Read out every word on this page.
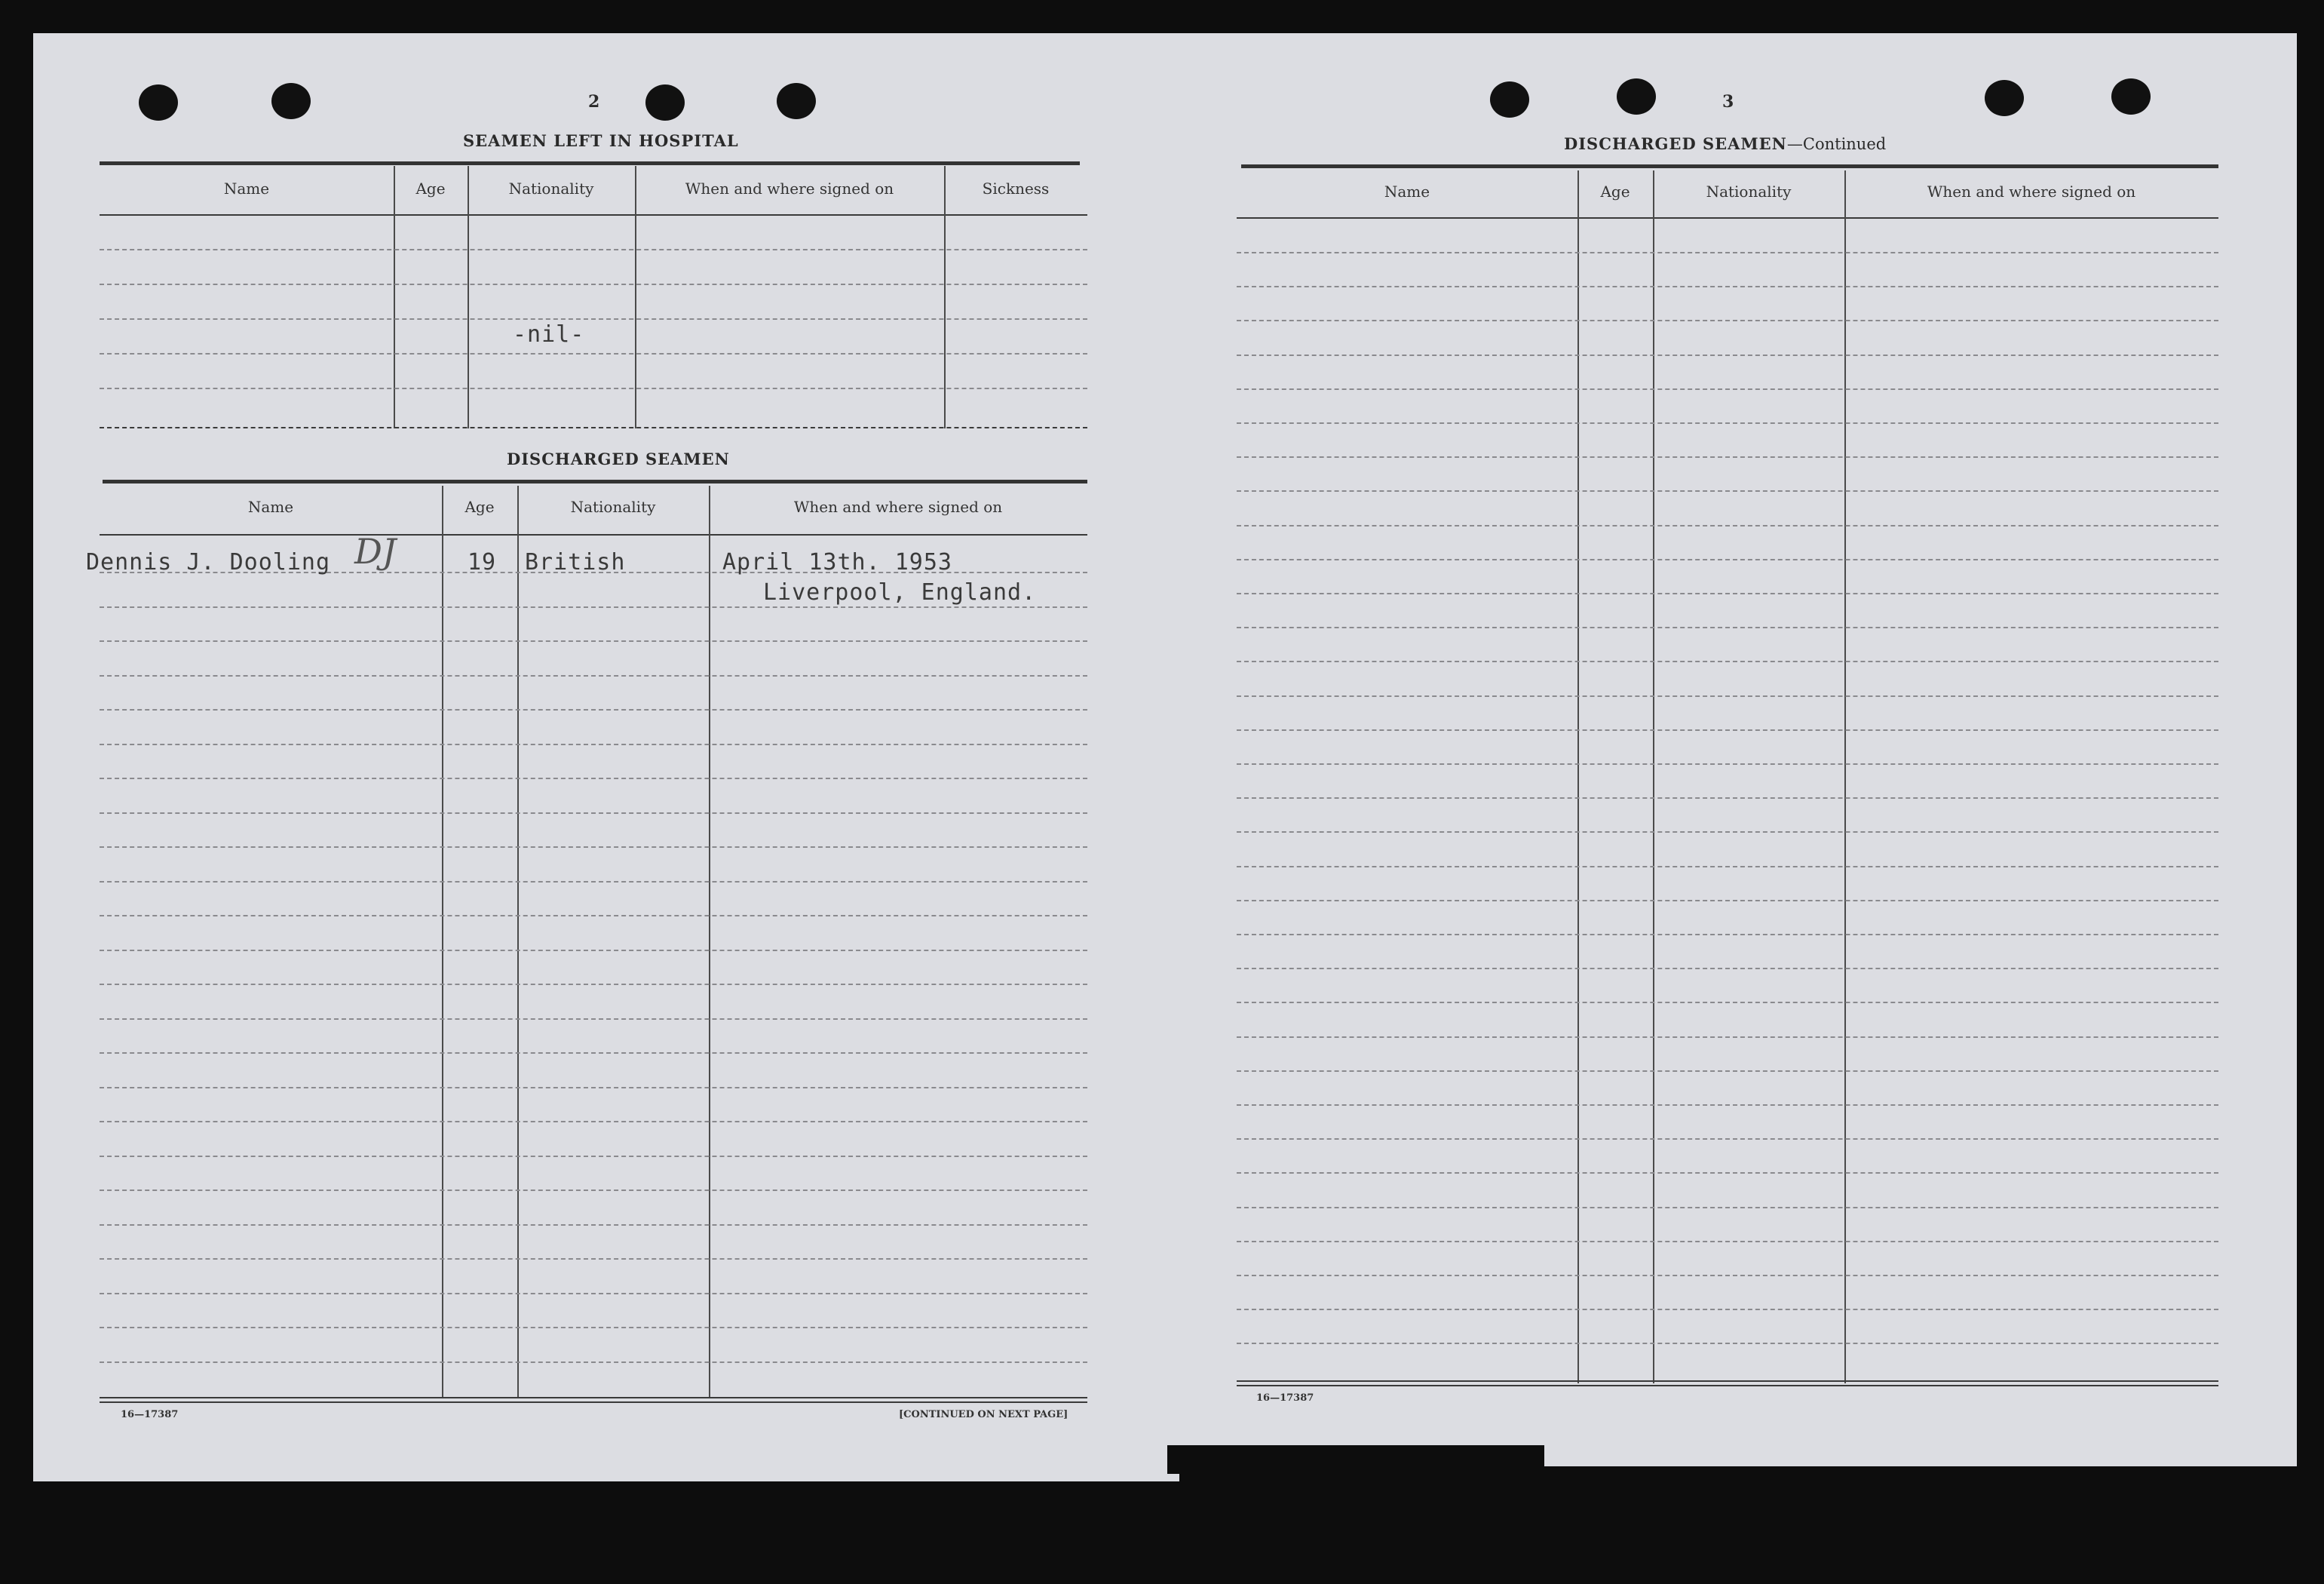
2
SEAMEN LEFT IN HOSPITAL
Name	Age	Nationality	When and where signed on	Sickness
-nil-
DISCHARGED SEAMEN
Name	Age	Nationality	When and where signed on
Dennis J. Dooling DJ	19 British	April 13th. 1953
Liverpool, England.
16—17387	[CONTINUED ON NEXT PAGE]
3
DISCHARGED SEAMEN—Continued
Name	Age	Nationality	When and where signed on
16—17387
